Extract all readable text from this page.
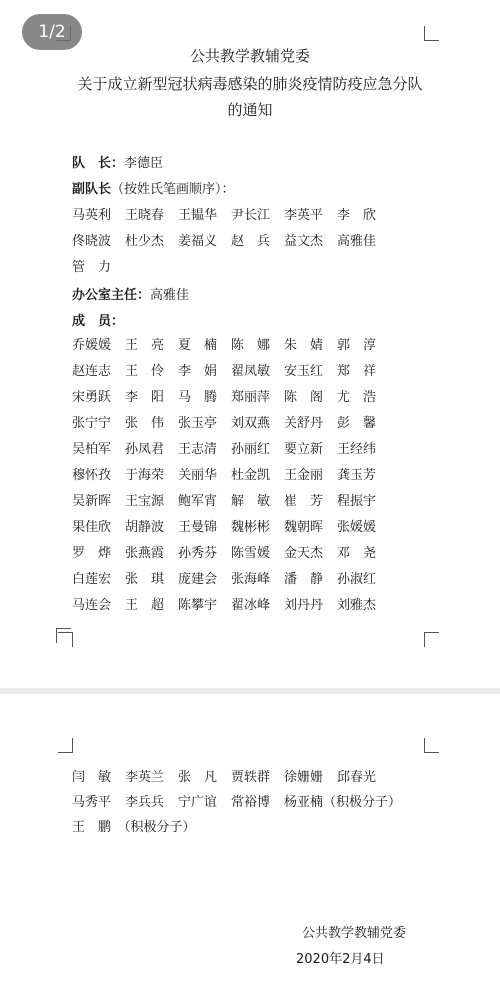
1/2
公共教学教辅党委
关于成立新型冠状病毒感染的肺炎疫情防疫应急分队
的通知
队　长：李德臣
副队长（按姓氏笔画顺序）：
马英利 王晓春 王韫华 尹长江 李英平 李　欣
佟晓波 杜少杰 姜福义 赵　兵 益文杰 高雅佳
管　力
办公室主任：高雅佳
成　员：
乔媛媛 王　亮 夏　楠 陈　娜 朱　婧 郭　淳
赵连志 王　伶 李　娟 翟凤敏 安玉红 郑　祥
宋勇跃 李　阳 马　腾 郑丽萍 陈　阁 尤　浩
张宁宁 张　伟 张玉亭 刘双燕 关舒丹 彭　馨
吴柏军 孙凤君 王志清 孙丽红 要立新 王经纬
穆怀孜 于海荣 关丽华 杜金凯 王金丽 龚玉芳
吴新晖 王宝源 鲍军宵 解　敏 崔　芳 程振宇
果佳欣 胡静波 王曼锦 魏彬彬 魏朝晖 张媛媛
罗　烨 张燕霞 孙秀芬 陈雪媛 金天杰 邓　尧
白莲宏 张　琪 庞建会 张海峰 潘　静 孙淑红
马连会 王　超 陈攀宇 翟冰峰 刘丹丹 刘雅杰
闫　敏 李英兰 张　凡 贾轶群 徐姗姗 邱春光
马秀平 李兵兵 宁广谊 常裕博 杨亚楠（积极分子）
王　鹏　（积极分子）
公共教学教辅党委
2020年2月4日
